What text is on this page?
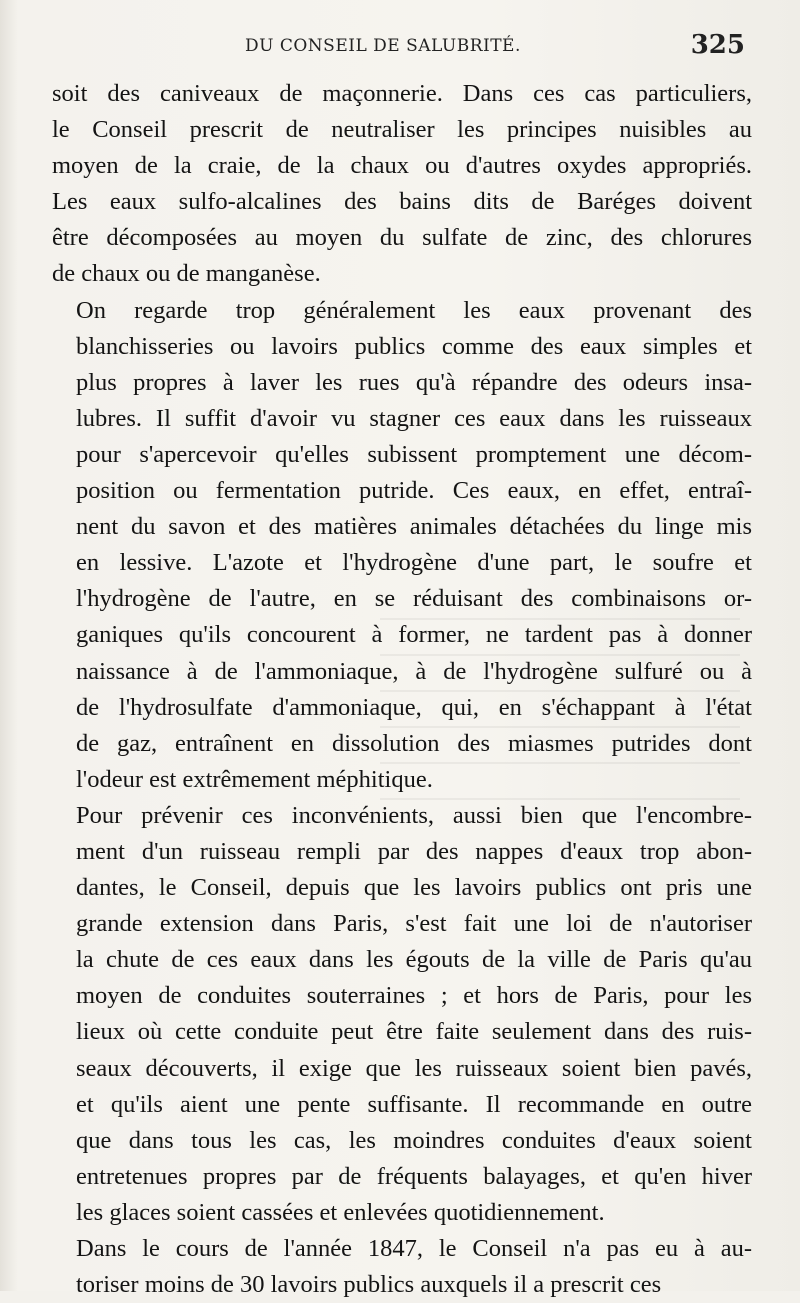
DU CONSEIL DE SALUBRITÉ.	325

soit des caniveaux de maçonnerie. Dans ces cas particuliers,
le Conseil prescrit de neutraliser les principes nuisibles au
moyen de la craie, de la chaux ou d'autres oxydes appropriés.
Les eaux sulfo-alcalines des bains dits de Baréges doivent
être décomposées au moyen du sulfate de zinc, des chlorures
de chaux ou de manganèse.

On regarde trop généralement les eaux provenant des
blanchisseries ou lavoirs publics comme des eaux simples et
plus propres à laver les rues qu'à répandre des odeurs insa-
lubres. Il suffit d'avoir vu stagner ces eaux dans les ruisseaux
pour s'apercevoir qu'elles subissent promptement une décom-
position ou fermentation putride. Ces eaux, en effet, entraî-
nent du savon et des matières animales détachées du linge mis
en lessive. L'azote et l'hydrogène d'une part, le soufre et
l'hydrogène de l'autre, en se réduisant des combinaisons or-
ganiques qu'ils concourent à former, ne tardent pas à donner
naissance à de l'ammoniaque, à de l'hydrogène sulfuré ou à
de l'hydrosulfate d'ammoniaque, qui, en s'échappant à l'état
de gaz, entraînent en dissolution des miasmes putrides dont
l'odeur est extrêmement méphitique.

Pour prévenir ces inconvénients, aussi bien que l'encombre-
ment d'un ruisseau rempli par des nappes d'eaux trop abon-
dantes, le Conseil, depuis que les lavoirs publics ont pris une
grande extension dans Paris, s'est fait une loi de n'autoriser
la chute de ces eaux dans les égouts de la ville de Paris qu'au
moyen de conduites souterraines ; et hors de Paris, pour les
lieux où cette conduite peut être faite seulement dans des ruis-
seaux découverts, il exige que les ruisseaux soient bien pavés,
et qu'ils aient une pente suffisante. Il recommande en outre
que dans tous les cas, les moindres conduites d'eaux soient
entretenues propres par de fréquents balayages, et qu'en hiver
les glaces soient cassées et enlevées quotidiennement.

Dans le cours de l'année 1847, le Conseil n'a pas eu à au-
toriser moins de 30 lavoirs publics auxquels il a prescrit ces
